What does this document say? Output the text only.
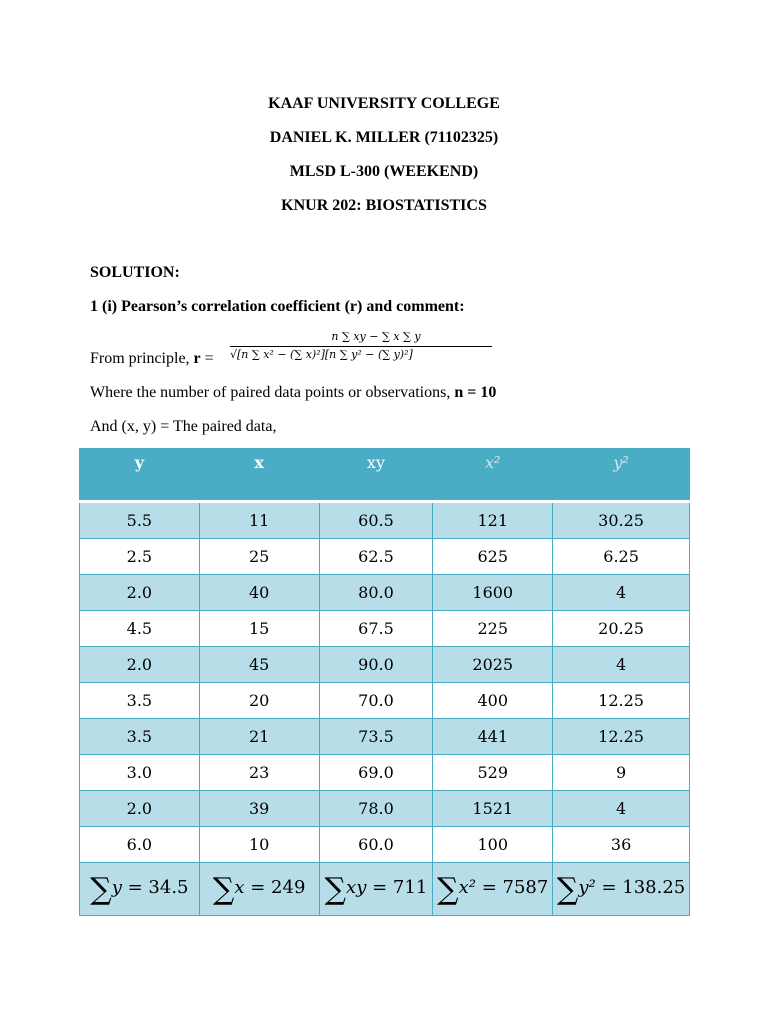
KAAF UNIVERSITY COLLEGE
DANIEL K. MILLER (71102325)
MLSD L-300 (WEEKEND)
KNUR 202: BIOSTATISTICS
SOLUTION:
1 (i) Pearson’s correlation coefficient (r) and comment:
From principle, r =
n ∑ xy − ∑ x ∑ y
√[n ∑ x² − (∑ x)²][n ∑ y² − (∑ y)²]
Where the number of paired data points or observations, n = 10
And (x, y) = The paired data,
y	x	xy	x²	y²
5.5	11	60.5	121	30.25
2.5	25	62.5	625	6.25
2.0	40	80.0	1600	4
4.5	15	67.5	225	20.25
2.0	45	90.0	2025	4
3.5	20	70.0	400	12.25
3.5	21	73.5	441	12.25
3.0	23	69.0	529	9
2.0	39	78.0	1521	4
6.0	10	60.0	100	36
∑y = 34.5	∑x = 249	∑xy = 711	∑x² = 7587	∑y² = 138.25
